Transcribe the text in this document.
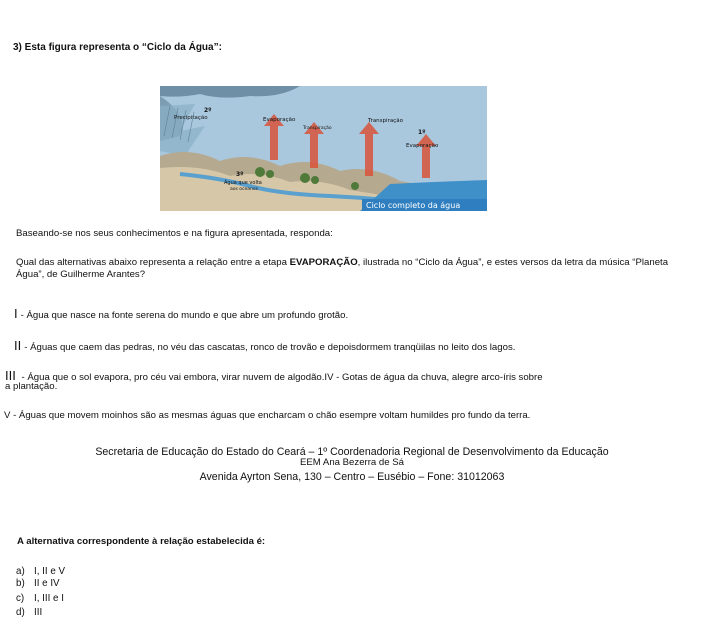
3) Esta figura representa o “Ciclo da Água”:
Precipitação
2º
Evaporação
Transpiração
Transpiração
1º
Evaporação
3º
Água que volta
aos oceanos
Ciclo completo da água
Baseando-se nos seus conhecimentos e na figura apresentada, responda:
Qual das alternativas abaixo representa a relação entre a etapa EVAPORAÇÃO, ilustrada no “Ciclo da Água”, e estes versos da letra da música “Planeta Água”, de Guilherme Arantes?
I - Água que nasce na fonte serena do mundo e que abre um profundo grotão.
II - Águas que caem das pedras, no véu das cascatas, ronco de trovão e depoisdormem tranqüilas no leito dos lagos.
III - Água que o sol evapora, pro céu vai embora, virar nuvem de algodão.IV - Gotas de água da chuva, alegre arco-íris sobre
a plantação.
V - Águas que movem moinhos são as mesmas águas que encharcam o chão esempre voltam humildes pro fundo da terra.
Secretaria de Educação do Estado do Ceará – 1º Coordenadoria Regional de Desenvolvimento da Educação
EEM Ana Bezerra de Sá
Avenida Ayrton Sena, 130 – Centro – Eusébio – Fone: 31012063
A alternativa correspondente à relação estabelecida é:
a) I, II e V
b) II e IV
c) I, III e I
d) III
